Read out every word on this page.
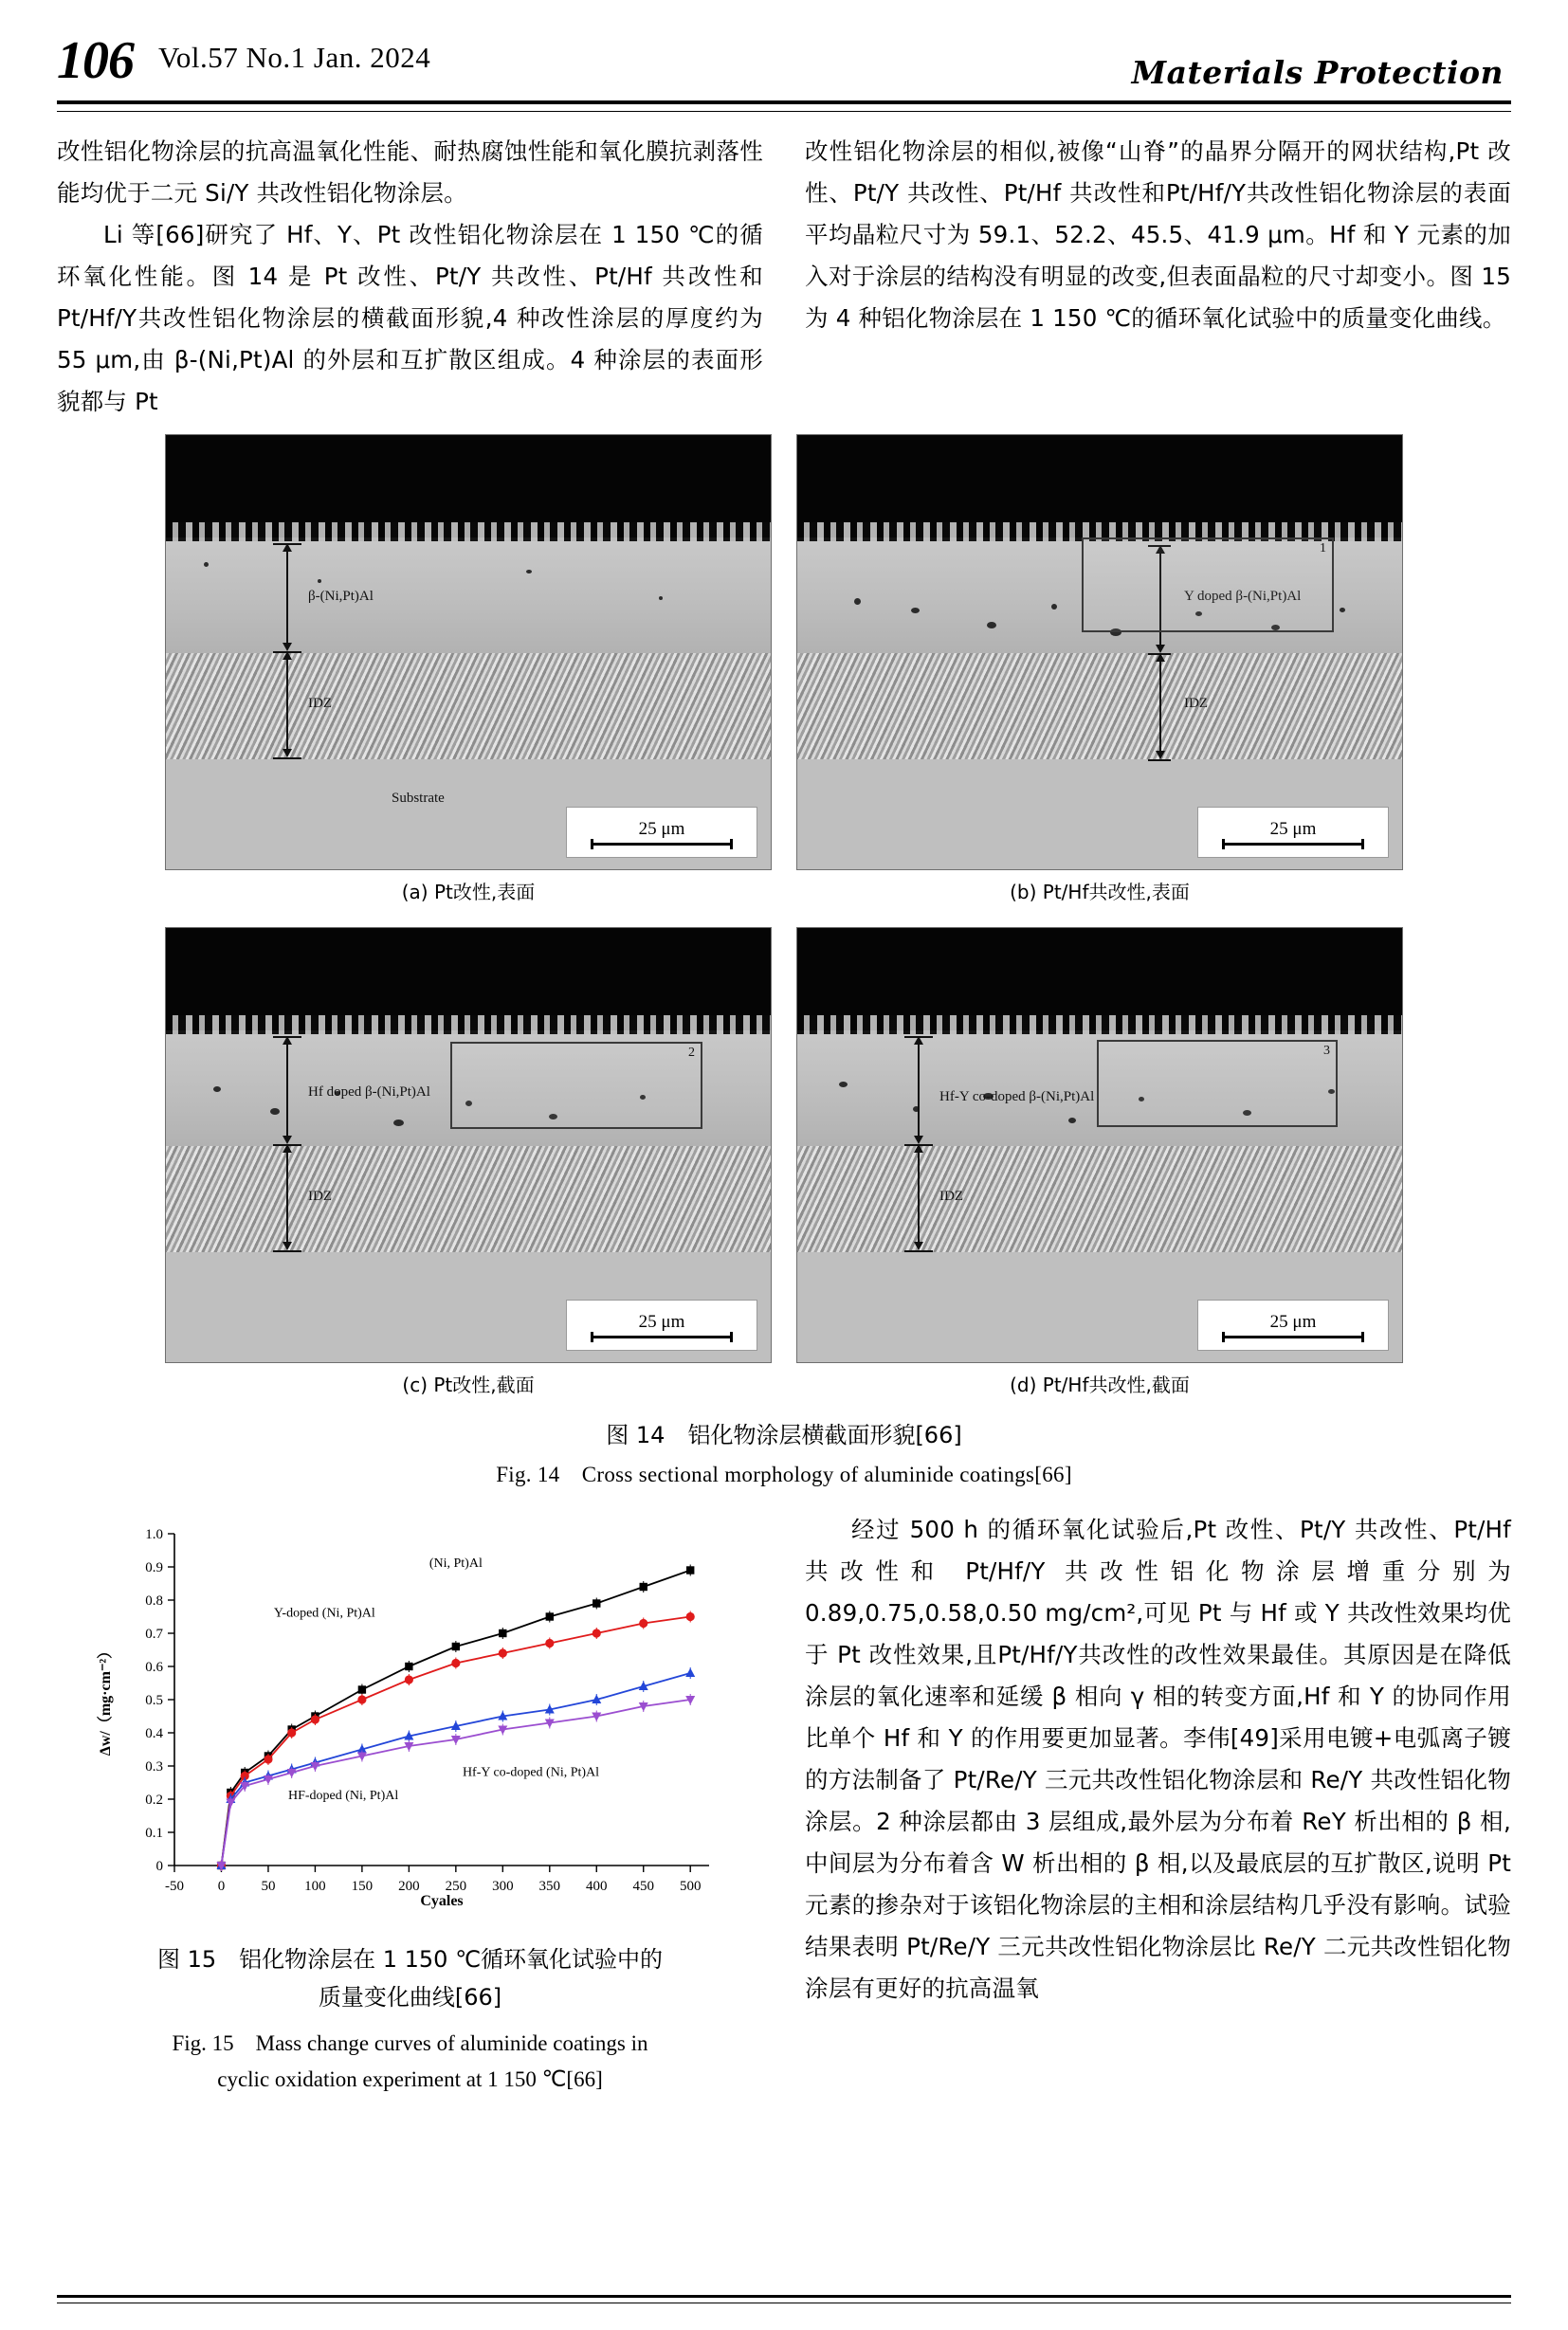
106 Vol.57 No.1 Jan. 2024	Materials Protection

改性铝化物涂层的抗高温氧化性能、耐热腐蚀性能和氧化膜抗剥落性能均优于二元 Si/Y 共改性铝化物涂层。

Li 等[66]研究了 Hf、Y、Pt 改性铝化物涂层在 1 150 ℃的循环氧化性能。图 14 是 Pt 改性、Pt/Y 共改性、Pt/Hf 共改性和Pt/Hf/Y共改性铝化物涂层的横截面形貌,4 种改性涂层的厚度约为 55 μm,由 β-(Ni,Pt)Al 的外层和互扩散区组成。4 种涂层的表面形貌都与 Pt

改性铝化物涂层的相似,被像“山脊”的晶界分隔开的网状结构,Pt 改性、Pt/Y 共改性、Pt/Hf 共改性和Pt/Hf/Y共改性铝化物涂层的表面平均晶粒尺寸为 59.1、52.2、45.5、41.9 μm。Hf 和 Y 元素的加入对于涂层的结构没有明显的改变,但表面晶粒的尺寸却变小。图 15 为 4 种铝化物涂层在 1 150 ℃的循环氧化试验中的质量变化曲线。

β-(Ni,Pt)Al
IDZ
Substrate
25 μm
(a) Pt改性,表面
Y doped β-(Ni,Pt)Al
IDZ
1
25 μm
(b) Pt/Hf共改性,表面
Hf doped β-(Ni,Pt)Al
IDZ
2
25 μm
(c) Pt改性,截面
Hf-Y co-doped β-(Ni,Pt)Al
IDZ
3
25 μm
(d) Pt/Hf共改性,截面
图 14　铝化物涂层横截面形貌[66]
Fig. 14　Cross sectional morphology of aluminide coatings[66]
0
0.1
0.2
0.3
0.4
0.5
0.6
0.7
0.8
0.9
1.0
-50 0	50 100 150 200 250 300 350 400 450 500
(Ni, Pt)Al
Y-doped (Ni, Pt)Al
HF-doped (Ni, Pt)Al
Hf-Y co-doped (Ni, Pt)Al
Cyales
Δw/（mg·cm⁻²）
图 15　铝化物涂层在 1 150 ℃循环氧化试验中的
质量变化曲线[66]
Fig. 15　Mass change curves of aluminide coatings in
cyclic oxidation experiment at 1 150 ℃[66]

经过 500 h 的循环氧化试验后,Pt 改性、Pt/Y 共改性、Pt/Hf 共改性和 Pt/Hf/Y 共改性铝化物涂层增重分别为 0.89,0.75,0.58,0.50 mg/cm²,可见 Pt 与 Hf 或 Y 共改性效果均优于 Pt 改性效果,且Pt/Hf/Y共改性的改性效果最佳。其原因是在降低涂层的氧化速率和延缓 β 相向 γ 相的转变方面,Hf 和 Y 的协同作用比单个 Hf 和 Y 的作用要更加显著。李伟[49]采用电镀+电弧离子镀的方法制备了 Pt/Re/Y 三元共改性铝化物涂层和 Re/Y 共改性铝化物涂层。2 种涂层都由 3 层组成,最外层为分布着 ReY 析出相的 β 相,中间层为分布着含 W 析出相的 β 相,以及最底层的互扩散区,说明 Pt 元素的掺杂对于该铝化物涂层的主相和涂层结构几乎没有影响。试验结果表明 Pt/Re/Y 三元共改性铝化物涂层比 Re/Y 二元共改性铝化物涂层有更好的抗高温氧
